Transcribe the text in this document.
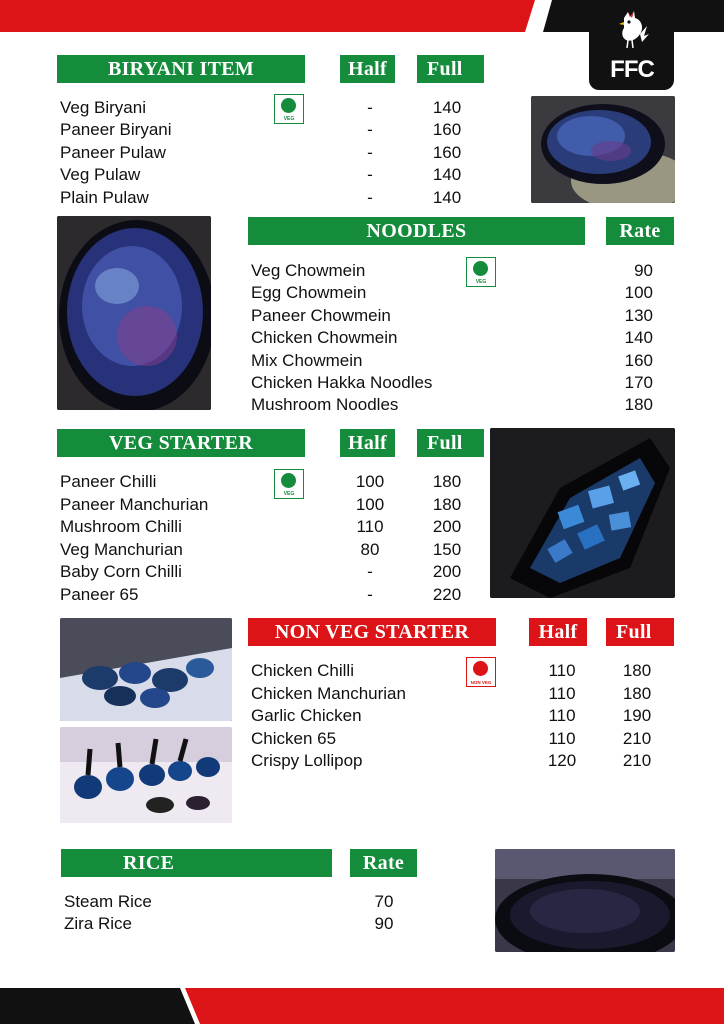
FFC
BIRYANI ITEM	Half	Full
VEG
Veg Biryani	-	140
Paneer Biryani	-	160
Paneer Pulaw	-	160
Veg Pulaw	-	140
Plain Pulaw	-	140
NOODLES	Rate
VEG
Veg Chowmein	90
Egg Chowmein	100
Paneer Chowmein	130
Chicken Chowmein	140
Mix Chowmein	160
Chicken Hakka Noodles	170
Mushroom Noodles	180
VEG STARTER	Half	Full
VEG
Paneer Chilli	100	180
Paneer Manchurian	100	180
Mushroom Chilli	110	200
Veg Manchurian	80	150
Baby Corn Chilli	-	200
Paneer 65	-	220
NON VEG STARTER	Half	Full
NON VEG
Chicken Chilli	110	180
Chicken Manchurian	110	180
Garlic Chicken	110	190
Chicken 65	110	210
Crispy Lollipop	120	210
RICE	Rate
Steam Rice	70
Zira Rice	90
